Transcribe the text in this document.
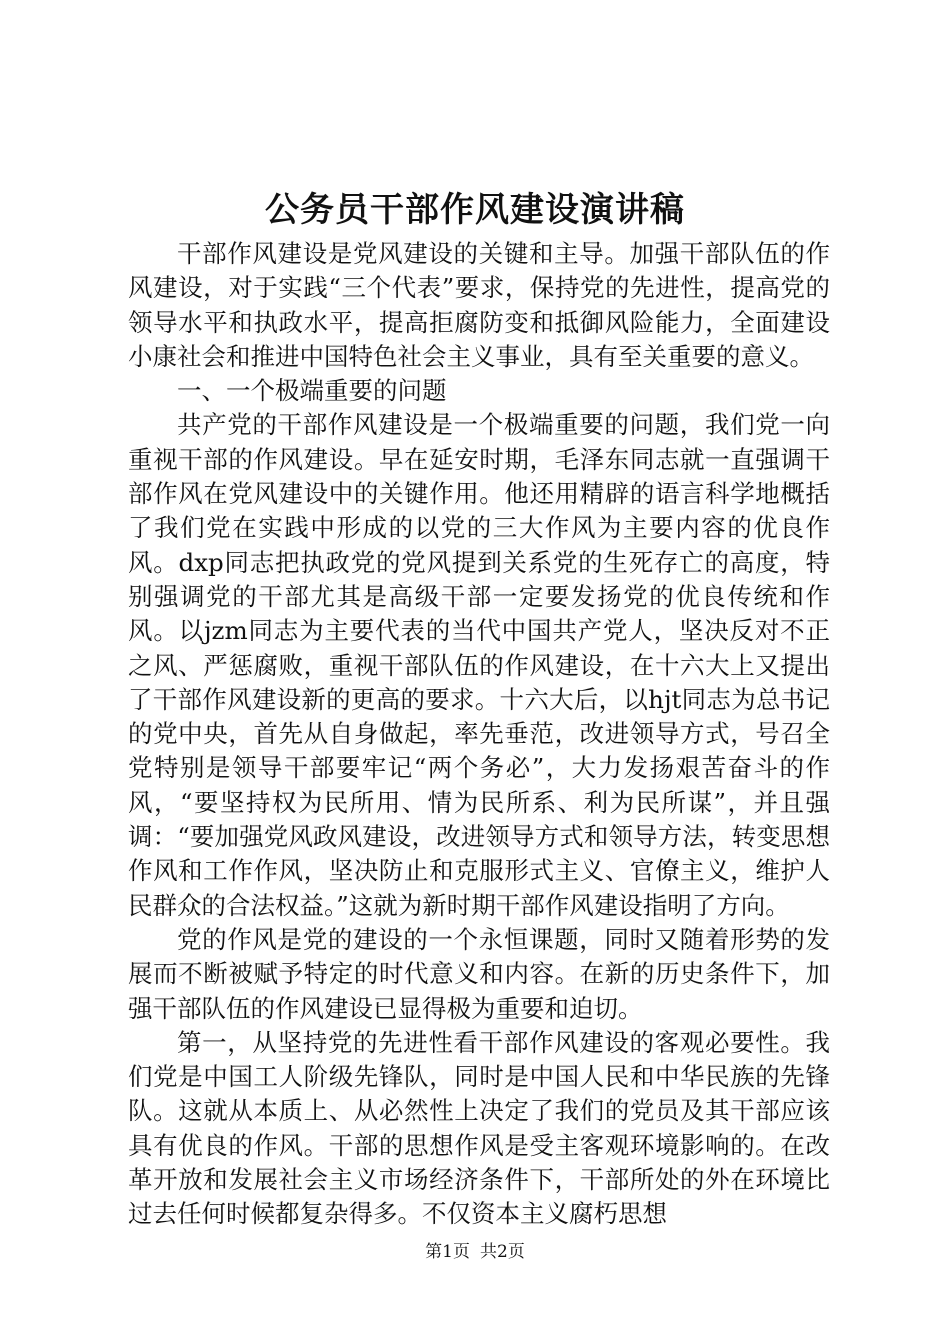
公务员干部作风建设演讲稿

干部作风建设是党风建设的关键和主导。加强干部队伍的作风建设，对于实践“三个代表”要求，保持党的先进性，提高党的领导水平和执政水平，提高拒腐防变和抵御风险能力，全面建设小康社会和推进中国特色社会主义事业，具有至关重要的意义。

一、一个极端重要的问题

共产党的干部作风建设是一个极端重要的问题，我们党一向重视干部的作风建设。早在延安时期，毛泽东同志就一直强调干部作风在党风建设中的关键作用。他还用精辟的语言科学地概括了我们党在实践中形成的以党的三大作风为主要内容的优良作风。dxp同志把执政党的党风提到关系党的生死存亡的高度，特别强调党的干部尤其是高级干部一定要发扬党的优良传统和作风。以jzm同志为主要代表的当代中国共产党人，坚决反对不正之风、严惩腐败，重视干部队伍的作风建设，在十六大上又提出了干部作风建设新的更高的要求。十六大后，以hjt同志为总书记的党中央，首先从自身做起，率先垂范，改进领导方式，号召全党特别是领导干部要牢记“两个务必”，大力发扬艰苦奋斗的作风，“要坚持权为民所用、情为民所系、利为民所谋”，并且强调：“要加强党风政风建设，改进领导方式和领导方法，转变思想作风和工作作风，坚决防止和克服形式主义、官僚主义，维护人民群众的合法权益。”这就为新时期干部作风建设指明了方向。

党的作风是党的建设的一个永恒课题，同时又随着形势的发展而不断被赋予特定的时代意义和内容。在新的历史条件下，加强干部队伍的作风建设已显得极为重要和迫切。

第一，从坚持党的先进性看干部作风建设的客观必要性。我们党是中国工人阶级先锋队，同时是中国人民和中华民族的先锋队。这就从本质上、从必然性上决定了我们的党员及其干部应该具有优良的作风。干部的思想作风是受主客观环境影响的。在改革开放和发展社会主义市场经济条件下，干部所处的外在环境比过去任何时候都复杂得多。不仅资本主义腐朽思想

第1页 共2页
